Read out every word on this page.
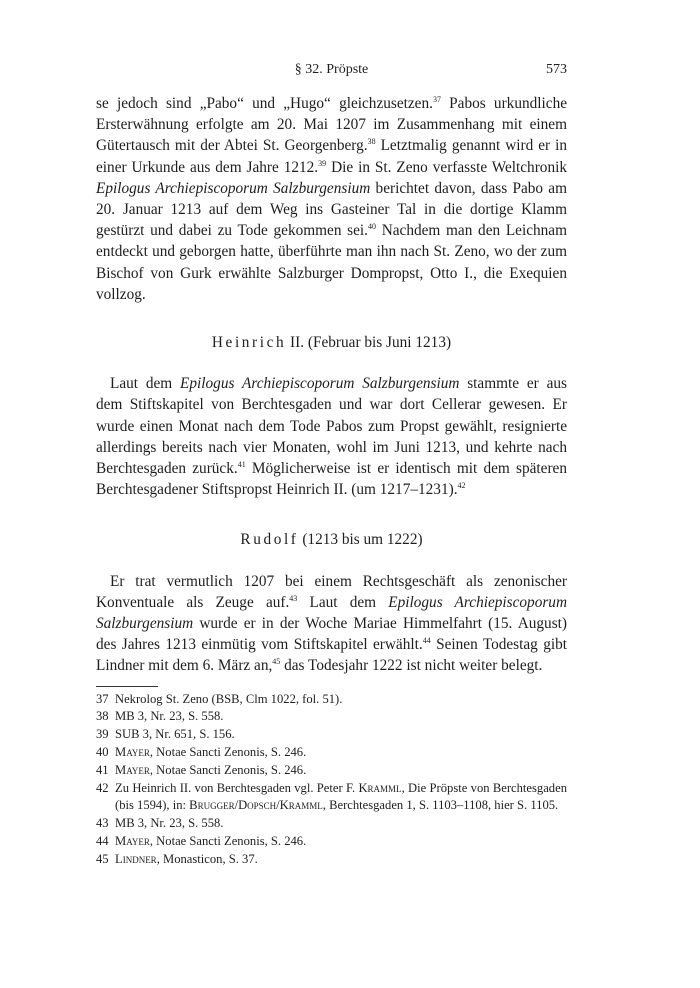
§ 32. Pröpste	573

se jedoch sind „Pabo“ und „Hugo“ gleichzusetzen.$^{37}$ Pabos urkundliche Ersterwähnung erfolgte am 20. Mai 1207 im Zusammenhang mit einem Gütertausch mit der Abtei St. Georgenberg.$^{38}$ Letztmalig genannt wird er in einer Urkunde aus dem Jahre 1212.39 Die in St. Zeno verfasste Weltchronik Epilogus Archiepiscoporum Salzburgensium berichtet davon, dass Pabo am 20. Januar 1213 auf dem Weg ins Gasteiner Tal in die dortige Klamm gestürzt und dabei zu Tode gekommen sei.$^{40}$ Nachdem man den Leichnam entdeckt und geborgen hatte, überführte man ihn nach St. Zeno, wo der zum Bischof von Gurk erwählte Salzburger Dompropst, Otto I., die Exequien vollzog.

Heinrich II. (Februar bis Juni 1213)

Laut dem Epilogus Archiepiscoporum Salzburgensium stammte er aus dem Stiftskapitel von Berchtesgaden und war dort Cellerar gewesen. Er wurde einen Monat nach dem Tode Pabos zum Propst gewählt, resignierte allerdings bereits nach vier Monaten, wohl im Juni 1213, und kehrte nach Berchtesgaden zurück.$^{41}$ Möglicherweise ist er identisch mit dem späteren Berchtesgadener Stiftspropst Heinrich II. (um 1217–1231).$^{42}$

Rudolf (1213 bis um 1222)

Er trat vermutlich 1207 bei einem Rechtsgeschäft als zenonischer Konventuale als Zeuge auf.$^{43}$ Laut dem Epilogus Archiepiscoporum Salzburgensium wurde er in der Woche Mariae Himmelfahrt (15. August) des Jahres 1213 einmütig vom Stiftskapitel erwählt.$^{44}$ Seinen Todestag gibt Lindner mit dem 6. März an,$^{45}$ das Todesjahr 1222 ist nicht weiter belegt.

37 Nekrolog St. Zeno (BSB, Clm 1022, fol. 51).
38 MB 3, Nr. 23, S. 558.
39 SUB 3, Nr. 651, S. 156.
40 Mayer, Notae Sancti Zenonis, S. 246.
41 Mayer, Notae Sancti Zenonis, S. 246.
42 Zu Heinrich II. von Berchtesgaden vgl. Peter F. Kramml, Die Pröpste von Berchtesgaden (bis 1594), in: Brugger/Dopsch/Kramml, Berchtesgaden 1, S. 1103–1108, hier S. 1105.
43 MB 3, Nr. 23, S. 558.
44 Mayer, Notae Sancti Zenonis, S. 246.
45 Lindner, Monasticon, S. 37.
